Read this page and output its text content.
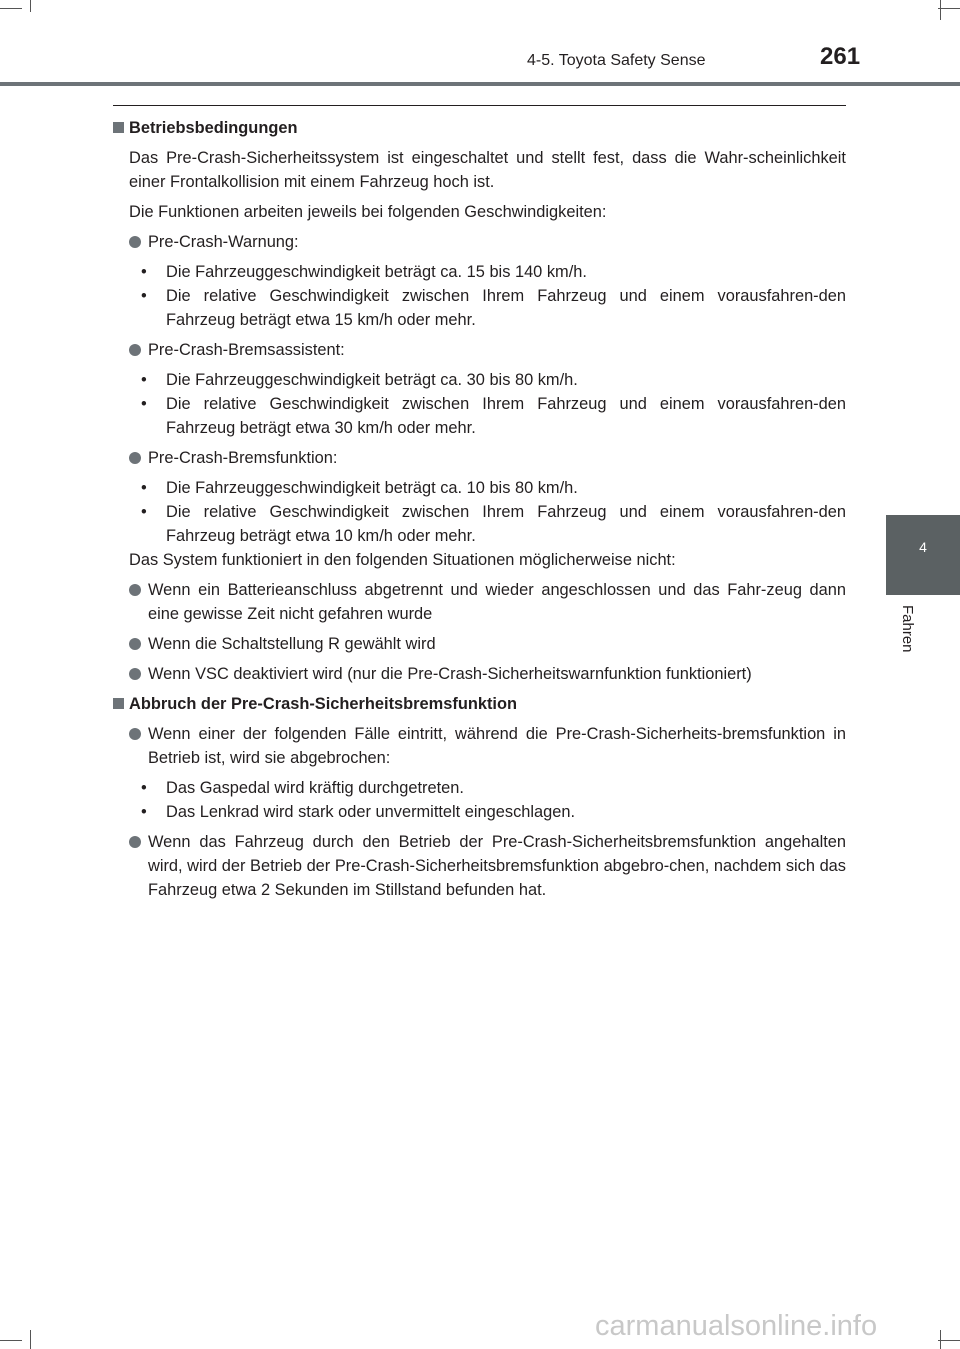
4-5. Toyota Safety Sense	261
4
Fahren
Betriebsbedingungen

Das Pre-Crash-Sicherheitssystem ist eingeschaltet und stellt fest, dass die Wahr-scheinlichkeit einer Frontalkollision mit einem Fahrzeug hoch ist.

Die Funktionen arbeiten jeweils bei folgenden Geschwindigkeiten:

Pre-Crash-Warnung:
• Die Fahrzeuggeschwindigkeit beträgt ca. 15 bis 140 km/h.
• Die relative Geschwindigkeit zwischen Ihrem Fahrzeug und einem vorausfahren-den Fahrzeug beträgt etwa 15 km/h oder mehr.
Pre-Crash-Bremsassistent:
• Die Fahrzeuggeschwindigkeit beträgt ca. 30 bis 80 km/h.
• Die relative Geschwindigkeit zwischen Ihrem Fahrzeug und einem vorausfahren-den Fahrzeug beträgt etwa 30 km/h oder mehr.
Pre-Crash-Bremsfunktion:
• Die Fahrzeuggeschwindigkeit beträgt ca. 10 bis 80 km/h.
• Die relative Geschwindigkeit zwischen Ihrem Fahrzeug und einem vorausfahren-den Fahrzeug beträgt etwa 10 km/h oder mehr.

Das System funktioniert in den folgenden Situationen möglicherweise nicht:

Wenn ein Batterieanschluss abgetrennt und wieder angeschlossen und das Fahr-zeug dann eine gewisse Zeit nicht gefahren wurde
Wenn die Schaltstellung R gewählt wird
Wenn VSC deaktiviert wird (nur die Pre-Crash-Sicherheitswarnfunktion funktioniert)
Abbruch der Pre-Crash-Sicherheitsbremsfunktion
Wenn einer der folgenden Fälle eintritt, während die Pre-Crash-Sicherheits-bremsfunktion in Betrieb ist, wird sie abgebrochen:
• Das Gaspedal wird kräftig durchgetreten.
• Das Lenkrad wird stark oder unvermittelt eingeschlagen.
Wenn das Fahrzeug durch den Betrieb der Pre-Crash-Sicherheitsbremsfunktion angehalten wird, wird der Betrieb der Pre-Crash-Sicherheitsbremsfunktion abgebro-chen, nachdem sich das Fahrzeug etwa 2 Sekunden im Stillstand befunden hat.
carmanualsonline.info
